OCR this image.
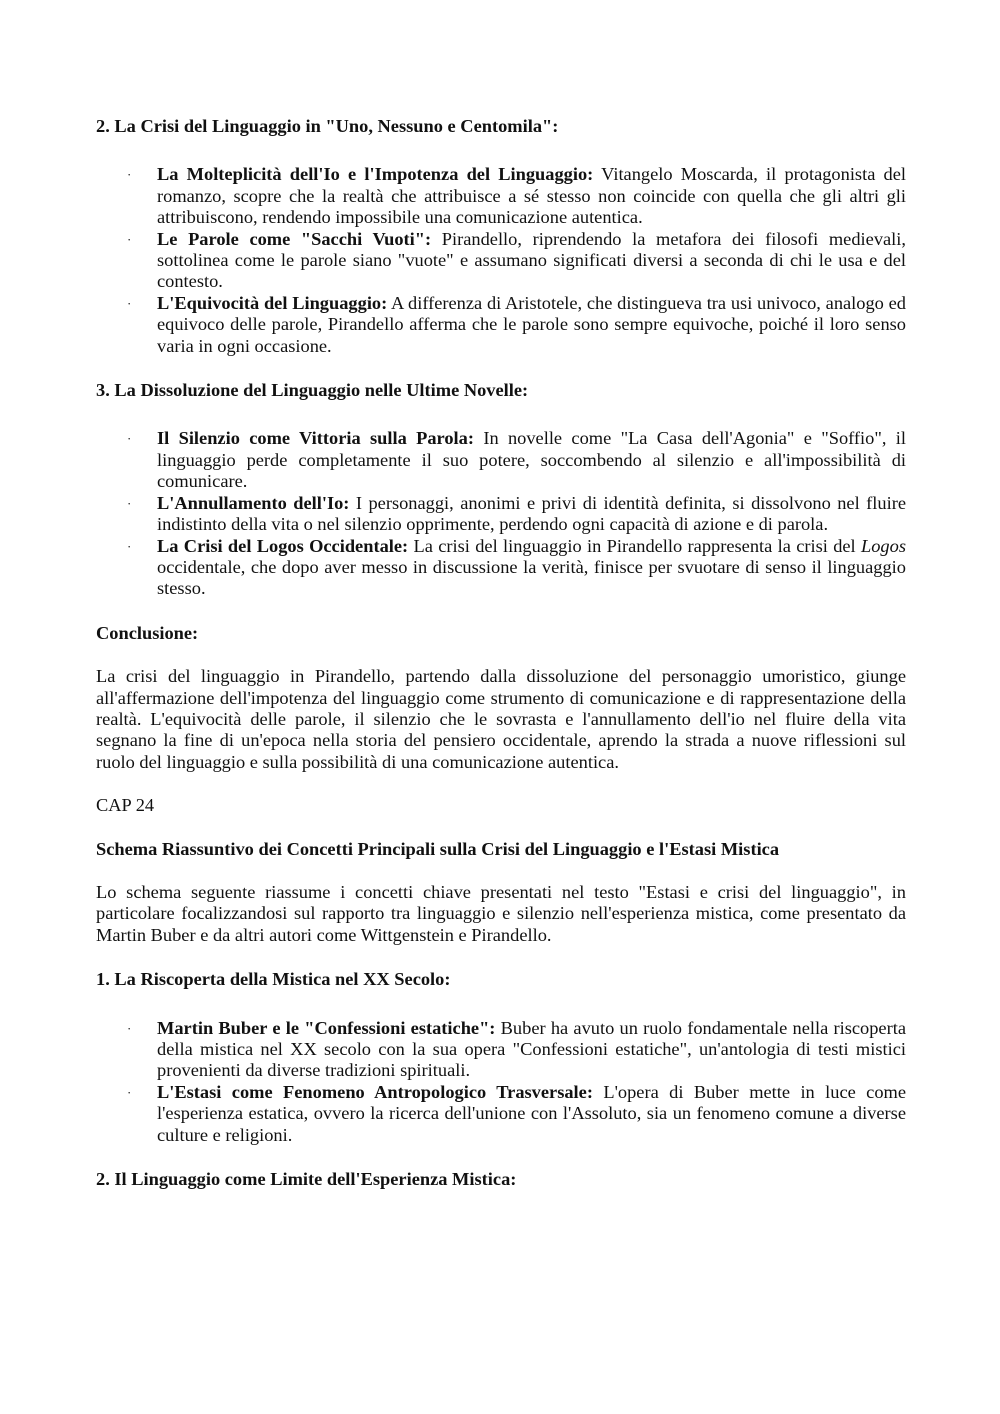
2. La Crisi del Linguaggio in "Uno, Nessuno e Centomila":
· La Molteplicità dell'Io e l'Impotenza del Linguaggio: Vitangelo Moscarda, il protagonista del romanzo, scopre che la realtà che attribuisce a sé stesso non coincide con quella che gli altri gli attribuiscono, rendendo impossibile una comunicazione autentica.
· Le Parole come "Sacchi Vuoti": Pirandello, riprendendo la metafora dei filosofi medievali, sottolinea come le parole siano "vuote" e assumano significati diversi a seconda di chi le usa e del contesto.
· L'Equivocità del Linguaggio: A differenza di Aristotele, che distingueva tra usi univoco, analogo ed equivoco delle parole, Pirandello afferma che le parole sono sempre equivoche, poiché il loro senso varia in ogni occasione.
3. La Dissoluzione del Linguaggio nelle Ultime Novelle:
· Il Silenzio come Vittoria sulla Parola: In novelle come "La Casa dell'Agonia" e "Soffio", il linguaggio perde completamente il suo potere, soccombendo al silenzio e all'impossibilità di comunicare.
· L'Annullamento dell'Io: I personaggi, anonimi e privi di identità definita, si dissolvono nel fluire indistinto della vita o nel silenzio opprimente, perdendo ogni capacità di azione e di parola.
· La Crisi del Logos Occidentale: La crisi del linguaggio in Pirandello rappresenta la crisi del Logos occidentale, che dopo aver messo in discussione la verità, finisce per svuotare di senso il linguaggio stesso.
Conclusione:

La crisi del linguaggio in Pirandello, partendo dalla dissoluzione del personaggio umoristico, giunge all'affermazione dell'impotenza del linguaggio come strumento di comunicazione e di rappresentazione della realtà. L'equivocità delle parole, il silenzio che le sovrasta e l'annullamento dell'io nel fluire della vita segnano la fine di un'epoca nella storia del pensiero occidentale, aprendo la strada a nuove riflessioni sul ruolo del linguaggio e sulla possibilità di una comunicazione autentica.

CAP 24

Schema Riassuntivo dei Concetti Principali sulla Crisi del Linguaggio e l'Estasi Mistica

Lo schema seguente riassume i concetti chiave presentati nel testo "Estasi e crisi del linguaggio", in particolare focalizzandosi sul rapporto tra linguaggio e silenzio nell'esperienza mistica, come presentato da Martin Buber e da altri autori come Wittgenstein e Pirandello.

1. La Riscoperta della Mistica nel XX Secolo:
· Martin Buber e le "Confessioni estatiche": Buber ha avuto un ruolo fondamentale nella riscoperta della mistica nel XX secolo con la sua opera "Confessioni estatiche", un'antologia di testi mistici provenienti da diverse tradizioni spirituali.
· L'Estasi come Fenomeno Antropologico Trasversale: L'opera di Buber mette in luce come l'esperienza estatica, ovvero la ricerca dell'unione con l'Assoluto, sia un fenomeno comune a diverse culture e religioni.
2. Il Linguaggio come Limite dell'Esperienza Mistica:
